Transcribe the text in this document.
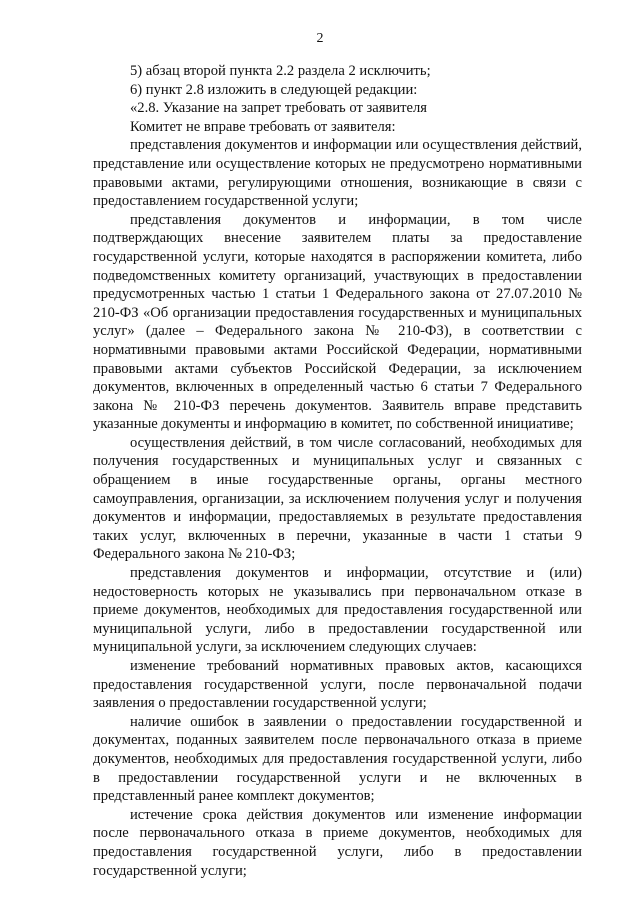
2

5) абзац второй пункта 2.2 раздела 2 исключить;

6) пункт 2.8 изложить в следующей редакции:

«2.8. Указание на запрет требовать от заявителя

Комитет не вправе требовать от заявителя:

представления документов и информации или осуществления действий, представление или осуществление которых не предусмотрено нормативными правовыми актами, регулирующими отношения, возникающие в связи с предоставлением государственной услуги;

представления документов и информации, в том числе подтверждающих внесение заявителем платы за предоставление государственной услуги, которые находятся в распоряжении комитета, либо подведомственных комитету организаций, участвующих в предоставлении предусмотренных частью 1 статьи 1 Федерального закона от 27.07.2010 № 210-ФЗ «Об организации предоставления государственных и муниципальных услуг» (далее – Федерального закона № 210-ФЗ), в соответствии с нормативными правовыми актами Российской Федерации, нормативными правовыми актами субъектов Российской Федерации, за исключением документов, включенных в определенный частью 6 статьи 7 Федерального закона № 210-ФЗ перечень документов. Заявитель вправе представить указанные документы и информацию в комитет, по собственной инициативе;

осуществления действий, в том числе согласований, необходимых для получения государственных и муниципальных услуг и связанных с обращением в иные государственные органы, органы местного самоуправления, организации, за исключением получения услуг и получения документов и информации, предоставляемых в результате предоставления таких услуг, включенных в перечни, указанные в части 1 статьи 9 Федерального закона № 210-ФЗ;

представления документов и информации, отсутствие и (или) недостоверность которых не указывались при первоначальном отказе в приеме документов, необходимых для предоставления государственной или муниципальной услуги, либо в предоставлении государственной или муниципальной услуги, за исключением следующих случаев:

изменение требований нормативных правовых актов, касающихся предоставления государственной услуги, после первоначальной подачи заявления о предоставлении государственной услуги;

наличие ошибок в заявлении о предоставлении государственной и документах, поданных заявителем после первоначального отказа в приеме документов, необходимых для предоставления государственной услуги, либо в предоставлении государственной услуги и не включенных в представленный ранее комплект документов;

истечение срока действия документов или изменение информации после первоначального отказа в приеме документов, необходимых для предоставления государственной услуги, либо в предоставлении государственной услуги;
